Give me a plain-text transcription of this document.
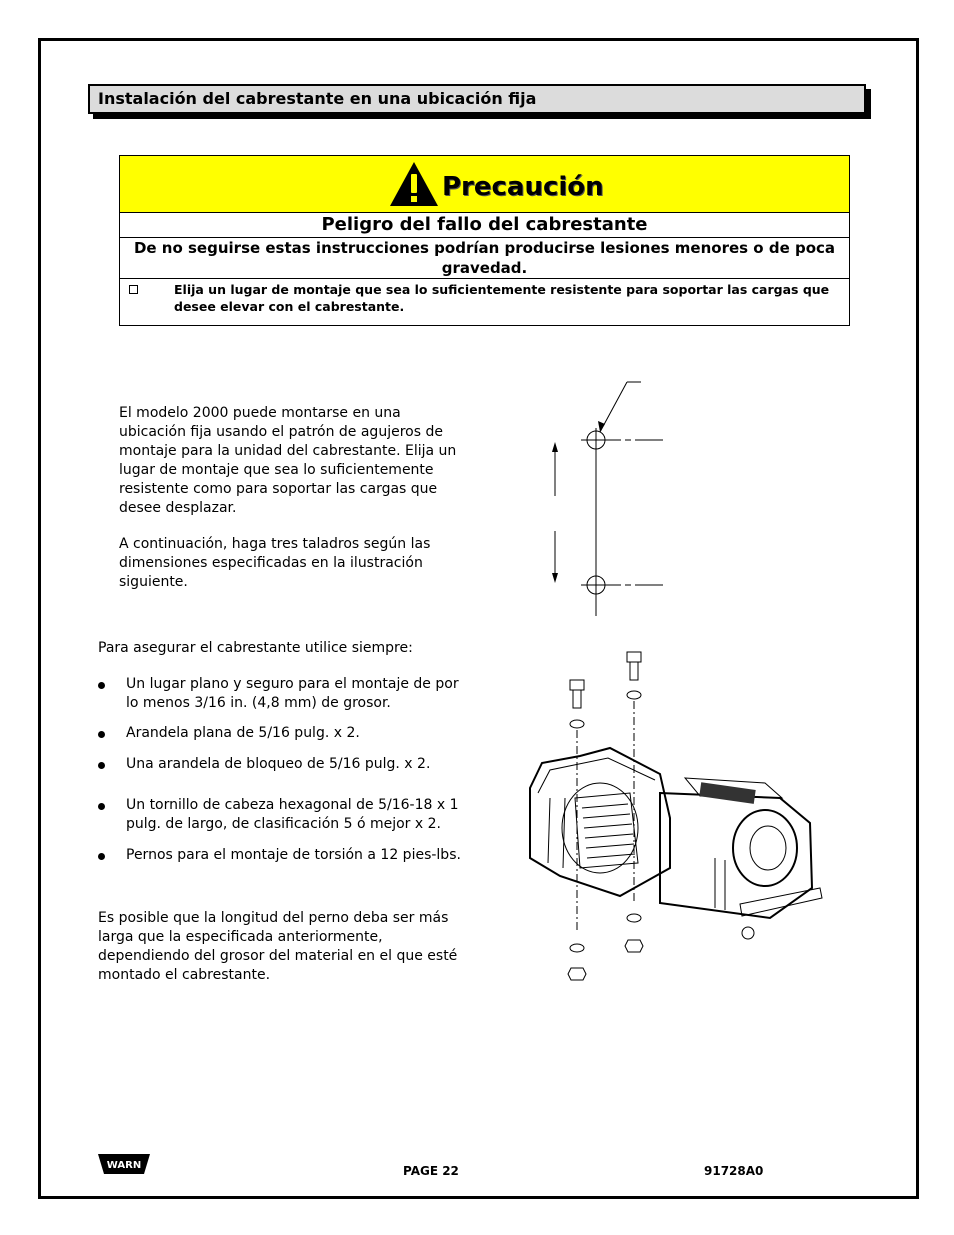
Instalación del cabrestante en una ubicación fija
Precaución
Peligro del fallo del cabrestante
De no seguirse estas instrucciones podrían producirse lesiones menores o de poca gravedad.
Elija un lugar de montaje que sea lo suficientemente resistente para soportar las cargas que desee elevar con el cabrestante.
El modelo 2000 puede montarse en una ubicación fija usando el patrón de agujeros de montaje para la unidad del cabrestante. Elija un lugar de montaje que sea lo suficientemente resistente como para soportar las cargas que desee desplazar.
A continuación, haga tres taladros según las dimensiones especificadas en la ilustración siguiente.
Para asegurar el cabrestante utilice siempre:
Un lugar plano y seguro para el montaje de por lo menos 3/16 in. (4,8 mm) de grosor.
Arandela plana de 5/16 pulg. x 2.
Una arandela de bloqueo de 5/16 pulg. x 2.
Un tornillo de cabeza hexagonal de 5/16-18 x 1 pulg. de largo, de clasificación 5 ó mejor x 2.
Pernos para el montaje de torsión a 12 pies-lbs.
Es posible que la longitud del perno deba ser más larga que la especificada anteriormente, dependiendo del grosor del material en el que esté montado el cabrestante.
WARN	PAGE 22	91728A0
